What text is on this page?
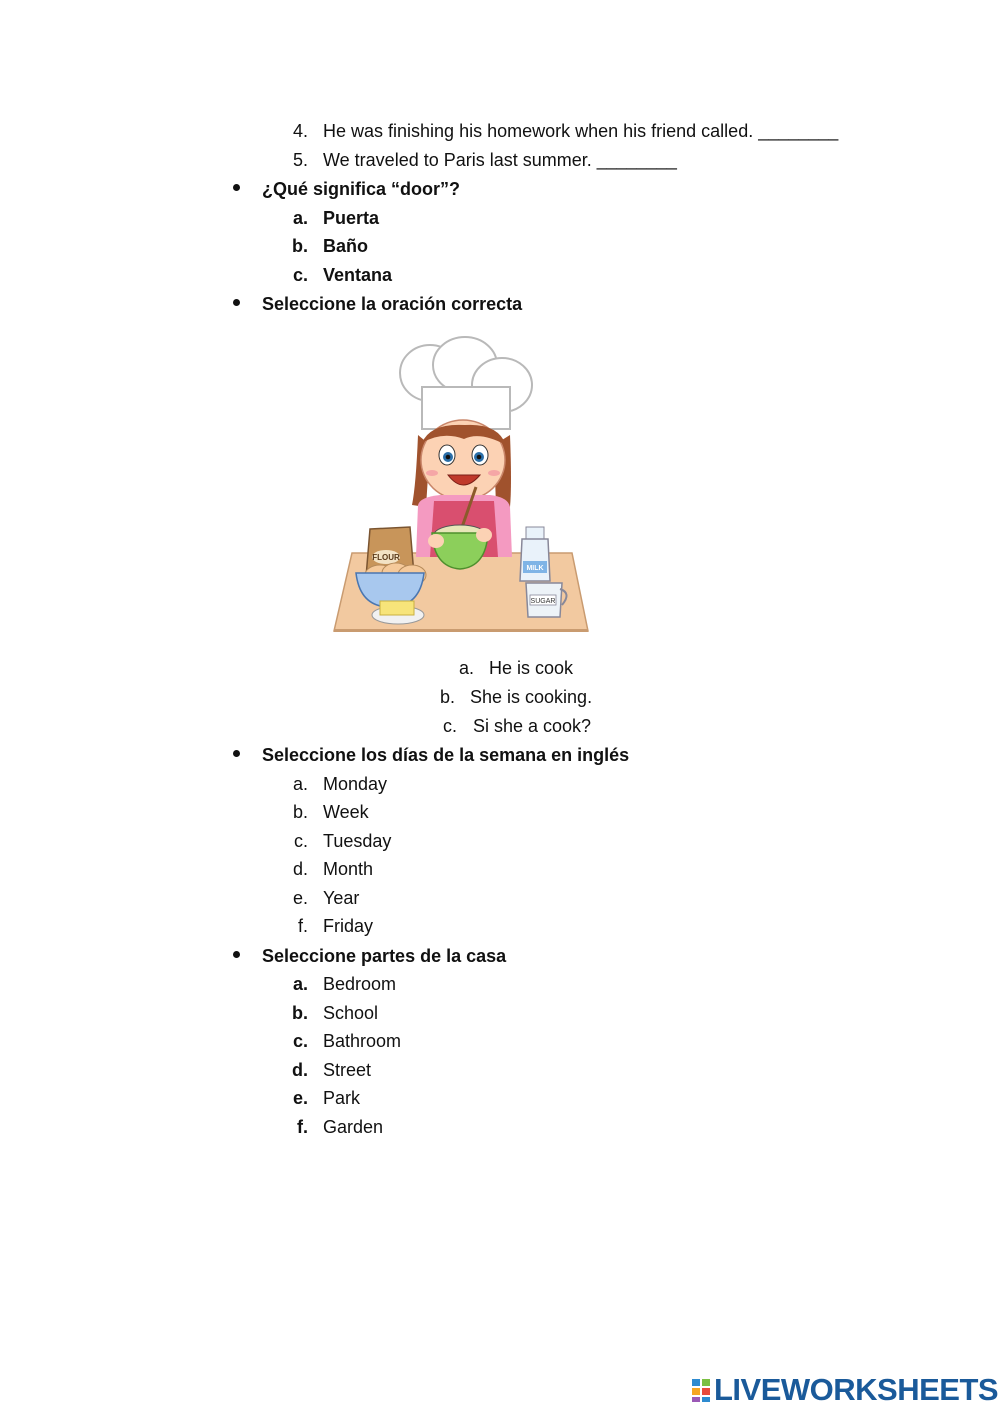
4. He was finishing his homework when his friend called. ________
5. We traveled to Paris last summer. ________
¿Qué significa “door”?
a. Puerta
b. Baño
c. Ventana
Seleccione la oración correcta
FLOUR
MILK
SUGAR
a. He is cook
b. She is cooking.
c. Si she a cook?
Seleccione los días de la semana en inglés
a. Monday
b. Week
c. Tuesday
d. Month
e. Year
f. Friday
Seleccione partes de la casa
a. Bedroom
b. School
c. Bathroom
d. Street
e. Park
f. Garden
LIVEWORKSHEETS
